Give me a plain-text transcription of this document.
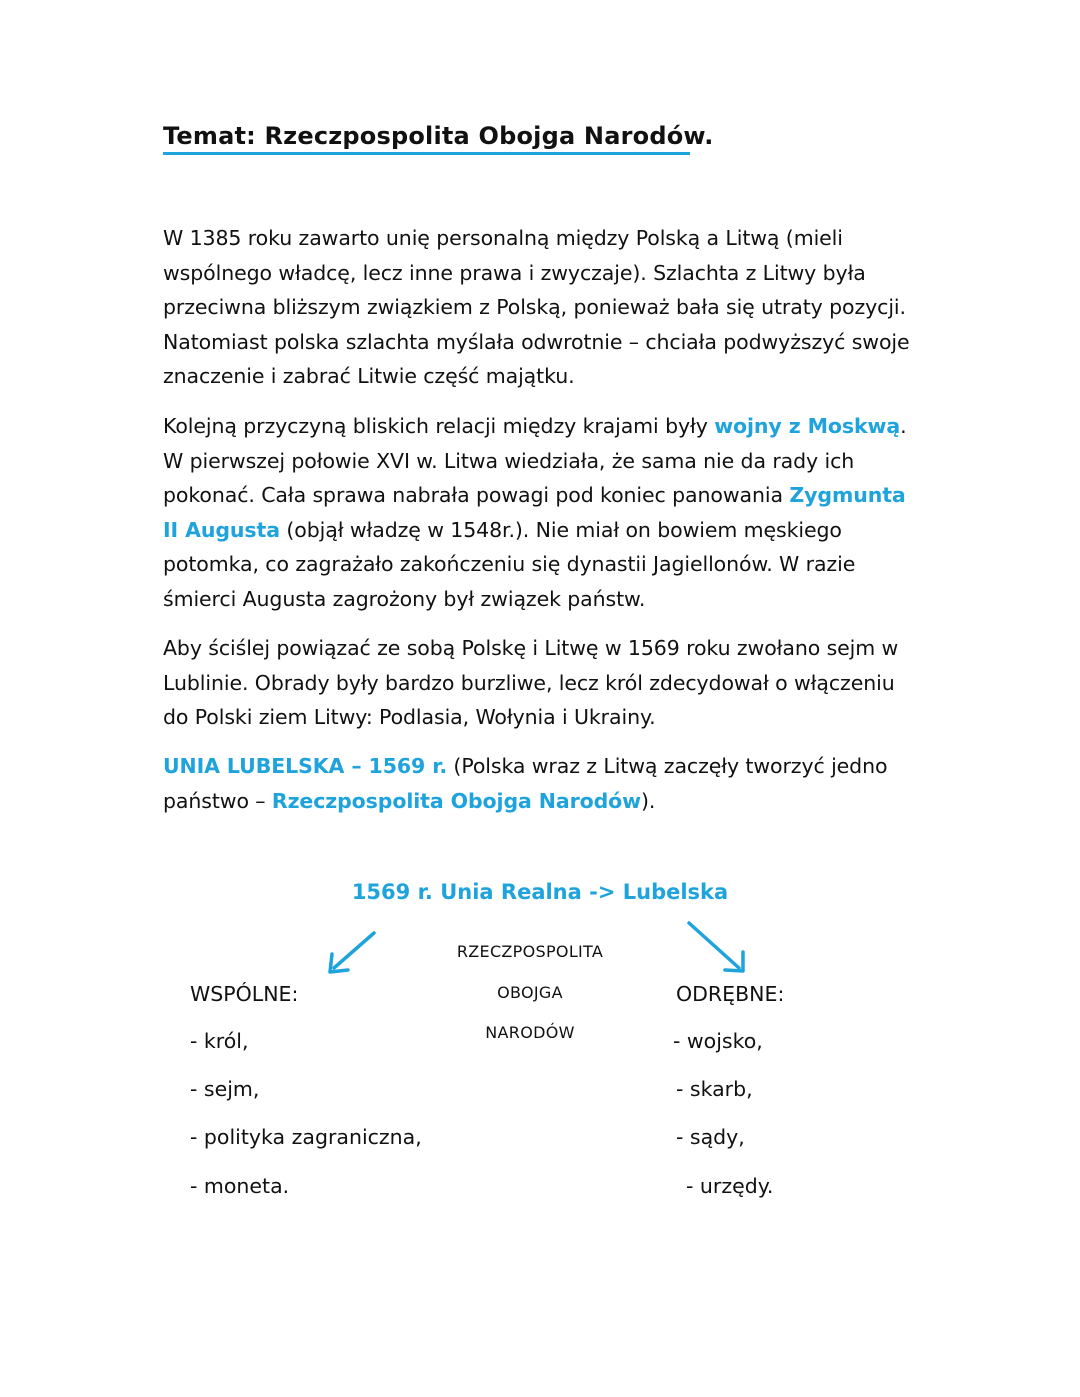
Temat: Rzeczpospolita Obojga Narodów.

W 1385 roku zawarto unię personalną między Polską a Litwą (mieli wspólnego władcę, lecz inne prawa i zwyczaje). Szlachta z Litwy była przeciwna bliższym związkiem z Polską, ponieważ bała się utraty pozycji. Natomiast polska szlachta myślała odwrotnie – chciała podwyższyć swoje znaczenie i zabrać Litwie część majątku.

Kolejną przyczyną bliskich relacji między krajami były wojny z Moskwą. W pierwszej połowie XVI w. Litwa wiedziała, że sama nie da rady ich pokonać. Cała sprawa nabrała powagi pod koniec panowania Zygmunta II Augusta (objął władzę w 1548r.). Nie miał on bowiem męskiego potomka, co zagrażało zakończeniu się dynastii Jagiellonów. W razie śmierci Augusta zagrożony był związek państw.

Aby ściślej powiązać ze sobą Polskę i Litwę w 1569 roku zwołano sejm w Lublinie. Obrady były bardzo burzliwe, lecz król zdecydował o włączeniu do Polski ziem Litwy: Podlasia, Wołynia i Ukrainy.

UNIA LUBELSKA – 1569 r. (Polska wraz z Litwą zaczęły tworzyć jedno państwo – Rzeczpospolita Obojga Narodów).

1569 r. Unia Realna -> Lubelska
RZECZPOSPOLITA
OBOJGA
NARODÓW
WSPÓLNE:
- król,
- sejm,
- polityka zagraniczna,
- moneta.
ODRĘBNE:
- wojsko,
- skarb,
- sądy,
- urzędy.
